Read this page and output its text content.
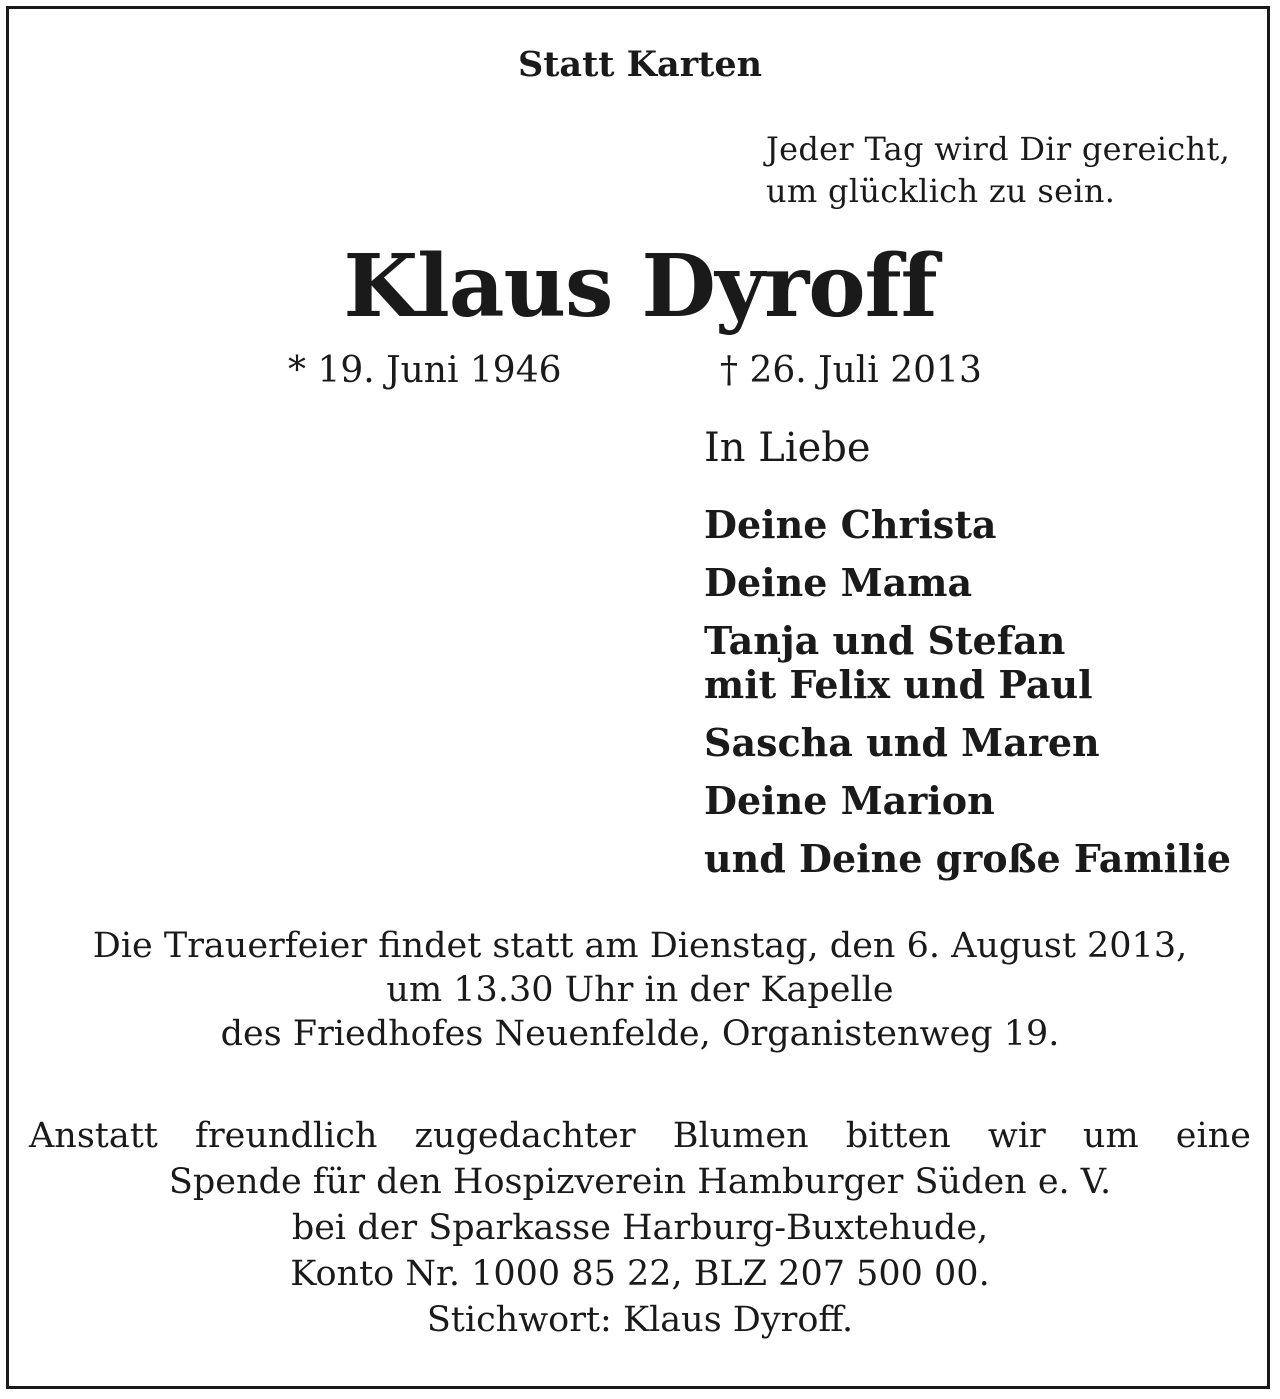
Statt Karten
Jeder Tag wird Dir gereicht,
um glücklich zu sein.
Klaus Dyroff
* 19. Juni 1946	† 26. Juli 2013
In Liebe
Deine Christa
Deine Mama
Tanja und Stefan
mit Felix und Paul
Sascha und Maren
Deine Marion
und Deine große Familie
Die Trauerfeier findet statt am Dienstag, den 6. August 2013,
um 13.30 Uhr in der Kapelle
des Friedhofes Neuenfelde, Organistenweg 19.
Anstatt freundlich zugedachter Blumen bitten wir um eine
Spende für den Hospizverein Hamburger Süden e. V.
bei der Sparkasse Harburg-Buxtehude,
Konto Nr. 1000 85 22, BLZ 207 500 00.
Stichwort: Klaus Dyroff.
